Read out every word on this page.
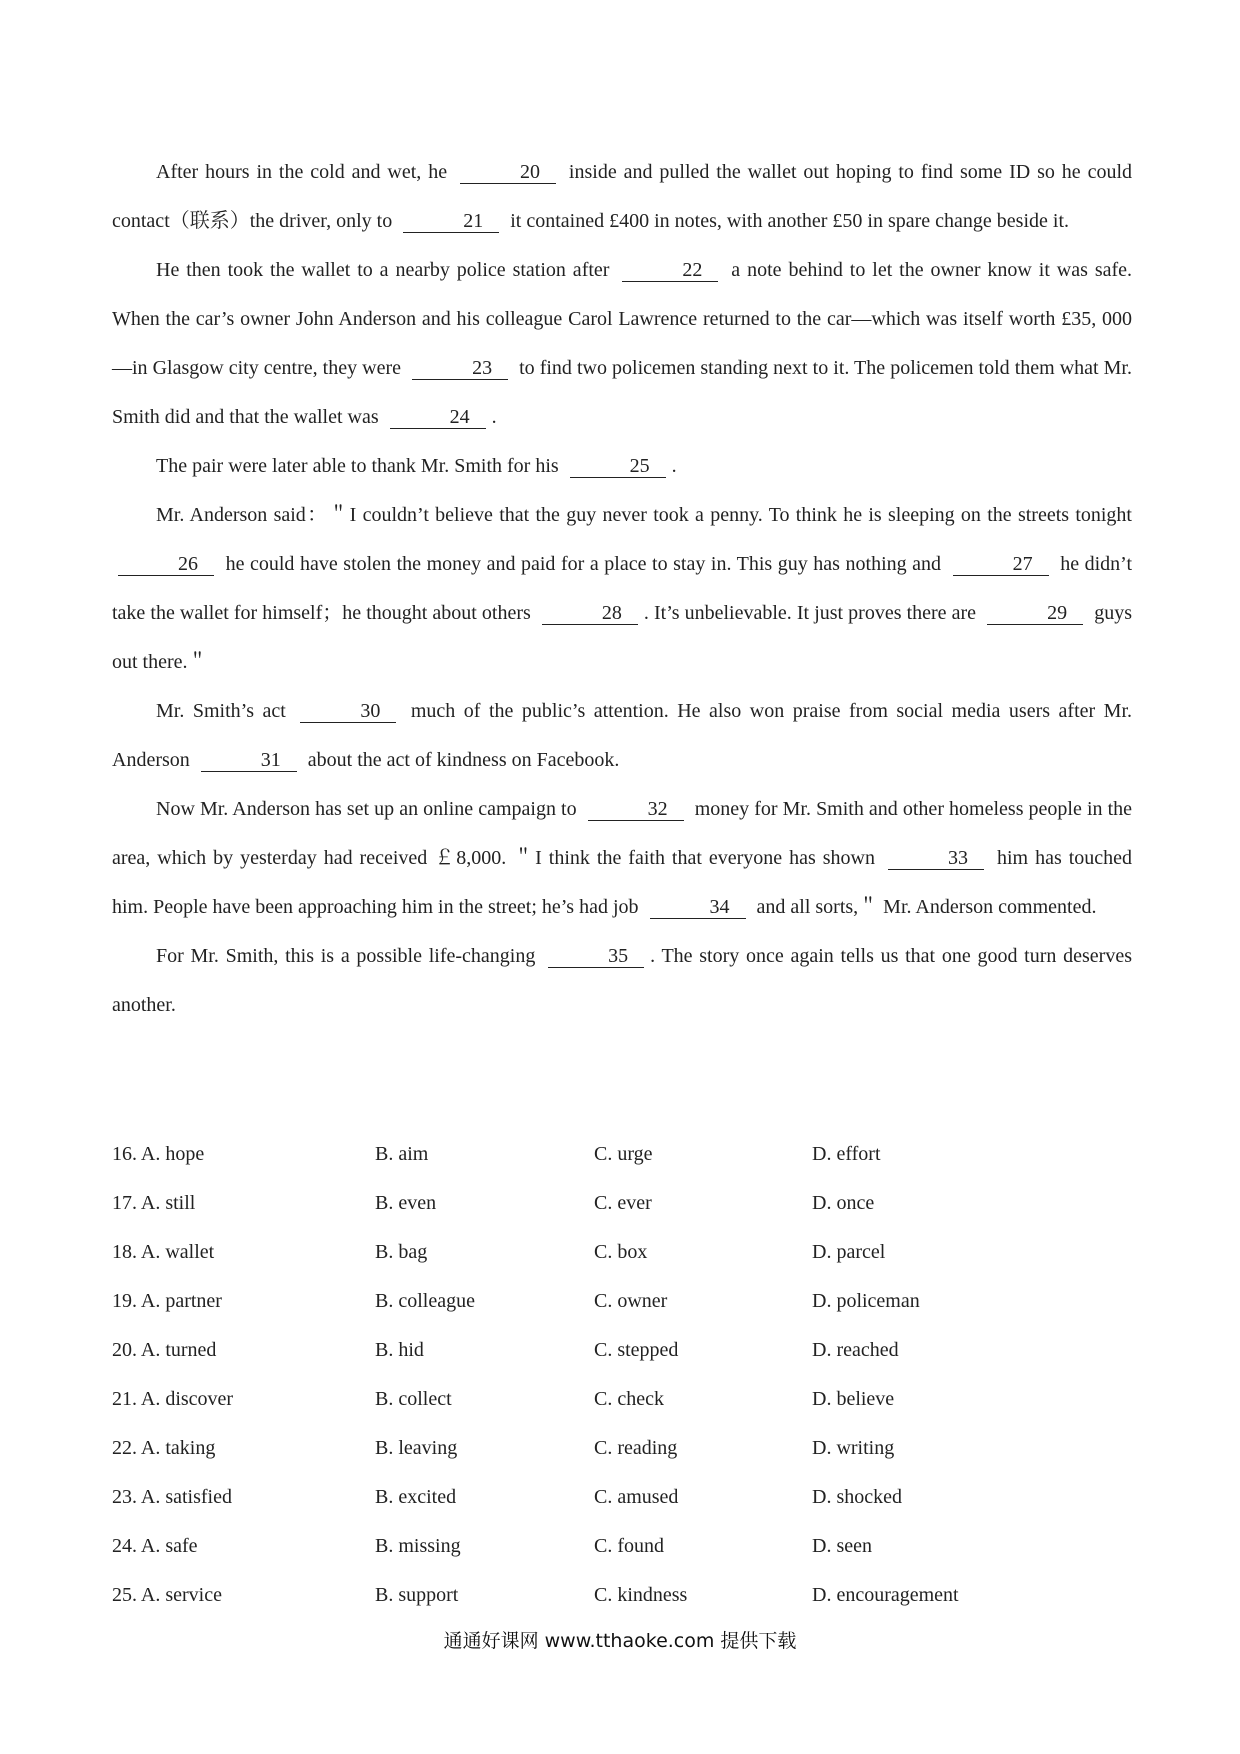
After hours in the cold and wet, he	20 inside and pulled the wallet out hoping to find some ID so he could contact（联系）the driver, only to	21 it contained £400 in notes, with another £50 in spare change beside it.

He then took the wallet to a nearby police station after	22 a note behind to let the owner know it was safe. When the car’s owner John Anderson and his colleague Carol Lawrence returned to the car—which was itself worth £35, 000—in Glasgow city centre, they were	23 to find two policemen standing next to it. The policemen told them what Mr. Smith did and that the wallet was	24 .

The pair were later able to thank Mr. Smith for his	25 .

Mr. Anderson said：＂I couldn’t believe that the guy never took a penny. To think he is sleeping on the streets tonight 26 he could have stolen the money and paid for a place to stay in. This guy has nothing and	27 he didn’t take the wallet for himself；he thought about others	28 . It’s unbelievable. It just proves there are	29 guys out there.＂

Mr. Smith’s act	30 much of the public’s attention. He also won praise from social media users after Mr. Anderson	31 about the act of kindness on Facebook.

Now Mr. Anderson has set up an online campaign to	32 money for Mr. Smith and other homeless people in the area, which by yesterday had received ￡8,000. ＂I think the faith that everyone has shown	33 him has touched him. People have been approaching him in the street; he’s had job	34 and all sorts,＂ Mr. Anderson commented.

For Mr. Smith, this is a possible life-changing	35 . The story once again tells us that one good turn deserves another.

16. A. hope	B. aim	C. urge	D. effort
17. A. still	B. even	C. ever	D. once
18. A. wallet	B. bag	C. box	D. parcel
19. A. partner	B. colleague	C. owner	D. policeman
20. A. turned	B. hid	C. stepped	D. reached
21. A. discover	B. collect	C. check	D. believe
22. A. taking	B. leaving	C. reading	D. writing
23. A. satisfied	B. excited	C. amused	D. shocked
24. A. safe	B. missing	C. found	D. seen
25. A. service	B. support	C. kindness	D. encouragement
通通好课网 www.tthaoke.com 提供下载
